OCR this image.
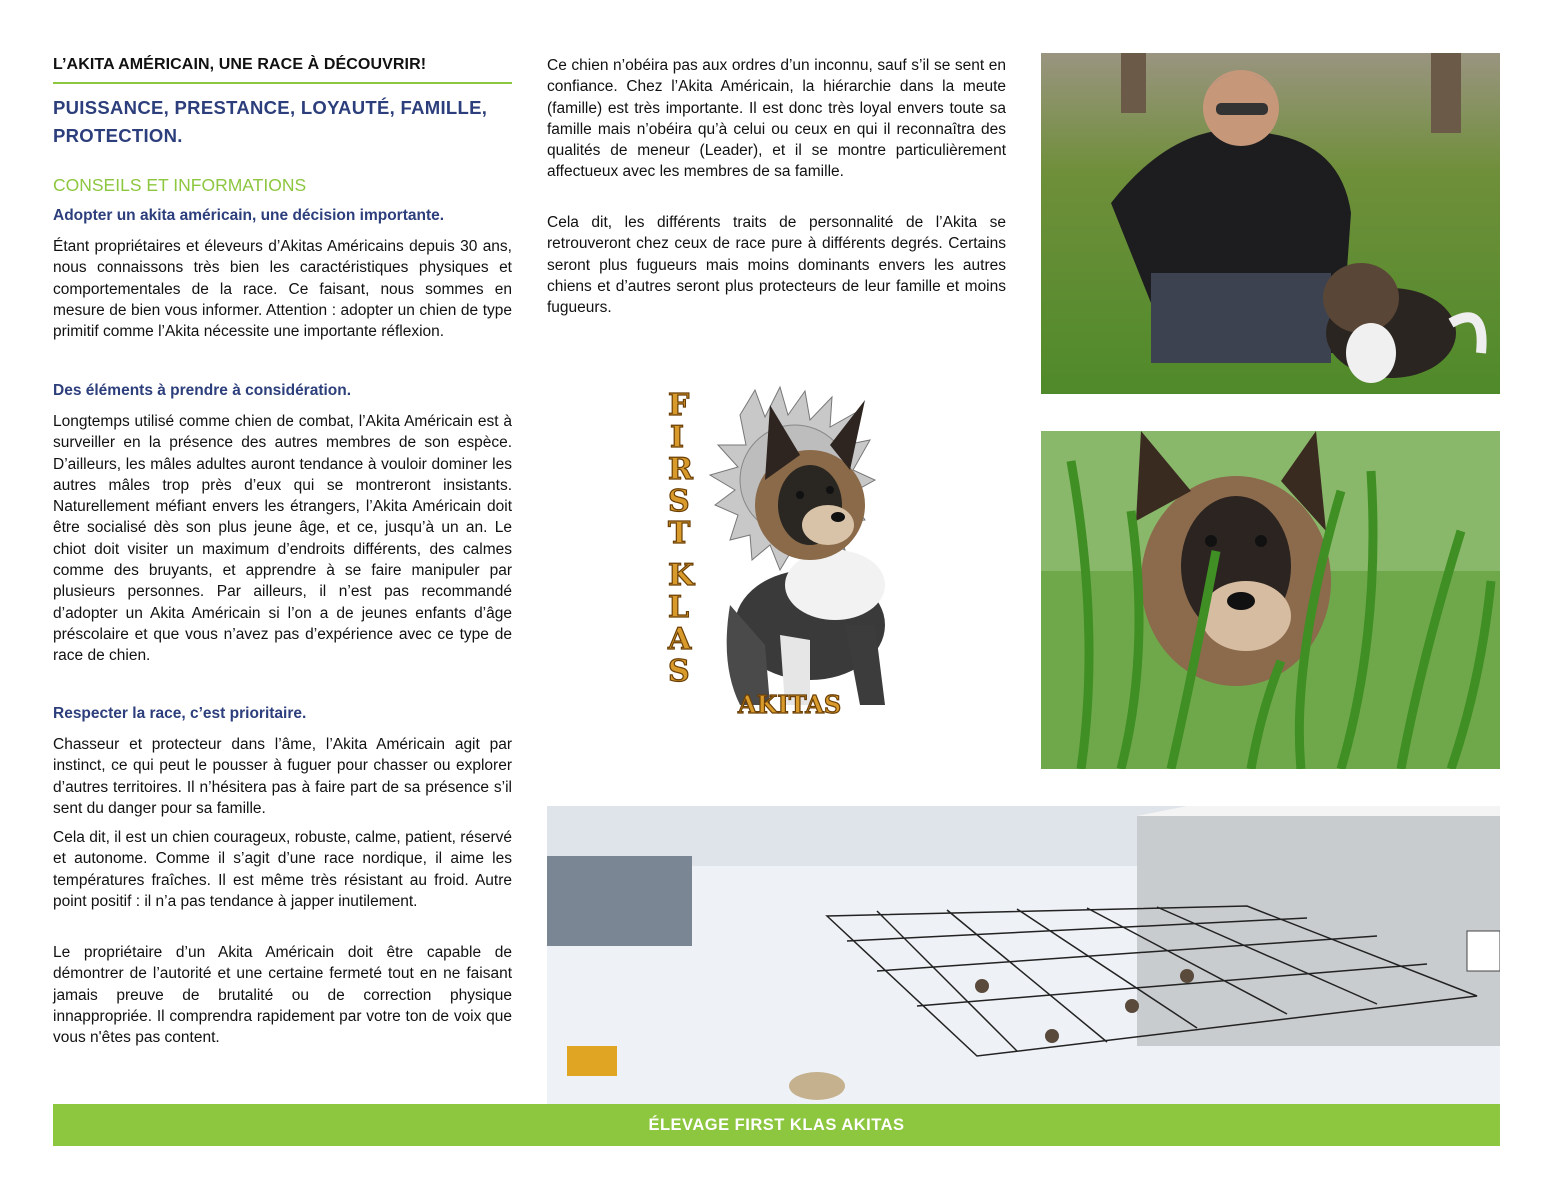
L’AKITA AMÉRICAIN, UNE RACE À DÉCOUVRIR!
PUISSANCE, PRESTANCE, LOYAUTÉ, FAMILLE, PROTECTION.
CONSEILS ET INFORMATIONS
Adopter un akita américain, une décision importante.

Étant propriétaires et éleveurs d’Akitas Américains depuis 30 ans, nous connaissons très bien les caractéristiques physiques et comportementales de la race. Ce faisant, nous sommes en mesure de bien vous informer. Attention : adopter un chien de type primitif comme l’Akita nécessite une importante réflexion.

Des éléments à prendre à considération.

Longtemps utilisé comme chien de combat, l’Akita Américain est à surveiller en la présence des autres membres de son espèce. D’ailleurs, les mâles adultes auront tendance à vouloir dominer les autres mâles trop près d’eux qui se montreront insistants. Naturellement méfiant envers les étrangers, l’Akita Américain doit être socialisé dès son plus jeune âge, et ce, jusqu’à un an. Le chiot doit visiter un maximum d’endroits différents, des calmes comme des bruyants, et apprendre à se faire manipuler par plusieurs personnes. Par ailleurs, il n’est pas recommandé d’adopter un Akita Américain si l’on a de jeunes enfants d’âge préscolaire et que vous n’avez pas d’expérience avec ce type de race de chien.

Respecter la race, c’est prioritaire.

Chasseur et protecteur dans l’âme, l’Akita Américain agit par instinct, ce qui peut le pousser à fuguer pour chasser ou explorer d’autres territoires. Il n’hésitera pas à faire part de sa présence s’il sent du danger pour sa famille.

Cela dit, il est un chien courageux, robuste, calme, patient, réservé et autonome. Comme il s’agit d’une race nordique, il aime les températures fraîches. Il est même très résistant au froid. Autre point positif : il n’a pas tendance à japper inutilement.

Le propriétaire d’un Akita Américain doit être capable de démontrer de l’autorité et une certaine fermeté tout en ne faisant jamais preuve de brutalité ou de correction physique innappropriée. Il comprendra rapidement par votre ton de voix que vous n'êtes pas content.

Ce chien n’obéira pas aux ordres d’un inconnu, sauf s’il se sent en confiance. Chez l’Akita Américain, la hiérarchie dans la meute (famille) est très importante. Il est donc très loyal envers toute sa famille mais n’obéira qu’à celui ou ceux en qui il reconnaîtra des qualités de meneur (Leader), et il se montre particulièrement affectueux avec les membres de sa famille.

Cela dit, les différents traits de personnalité de l’Akita se retrouveront chez ceux de race pure à différents degrés. Certains seront plus fugueurs mais moins dominants envers les autres chiens et d’autres seront plus protecteurs de leur famille et moins fugueurs.

F
I
R
S
T
K
L
A
S
AKITAS
ÉLEVAGE FIRST KLAS AKITAS
